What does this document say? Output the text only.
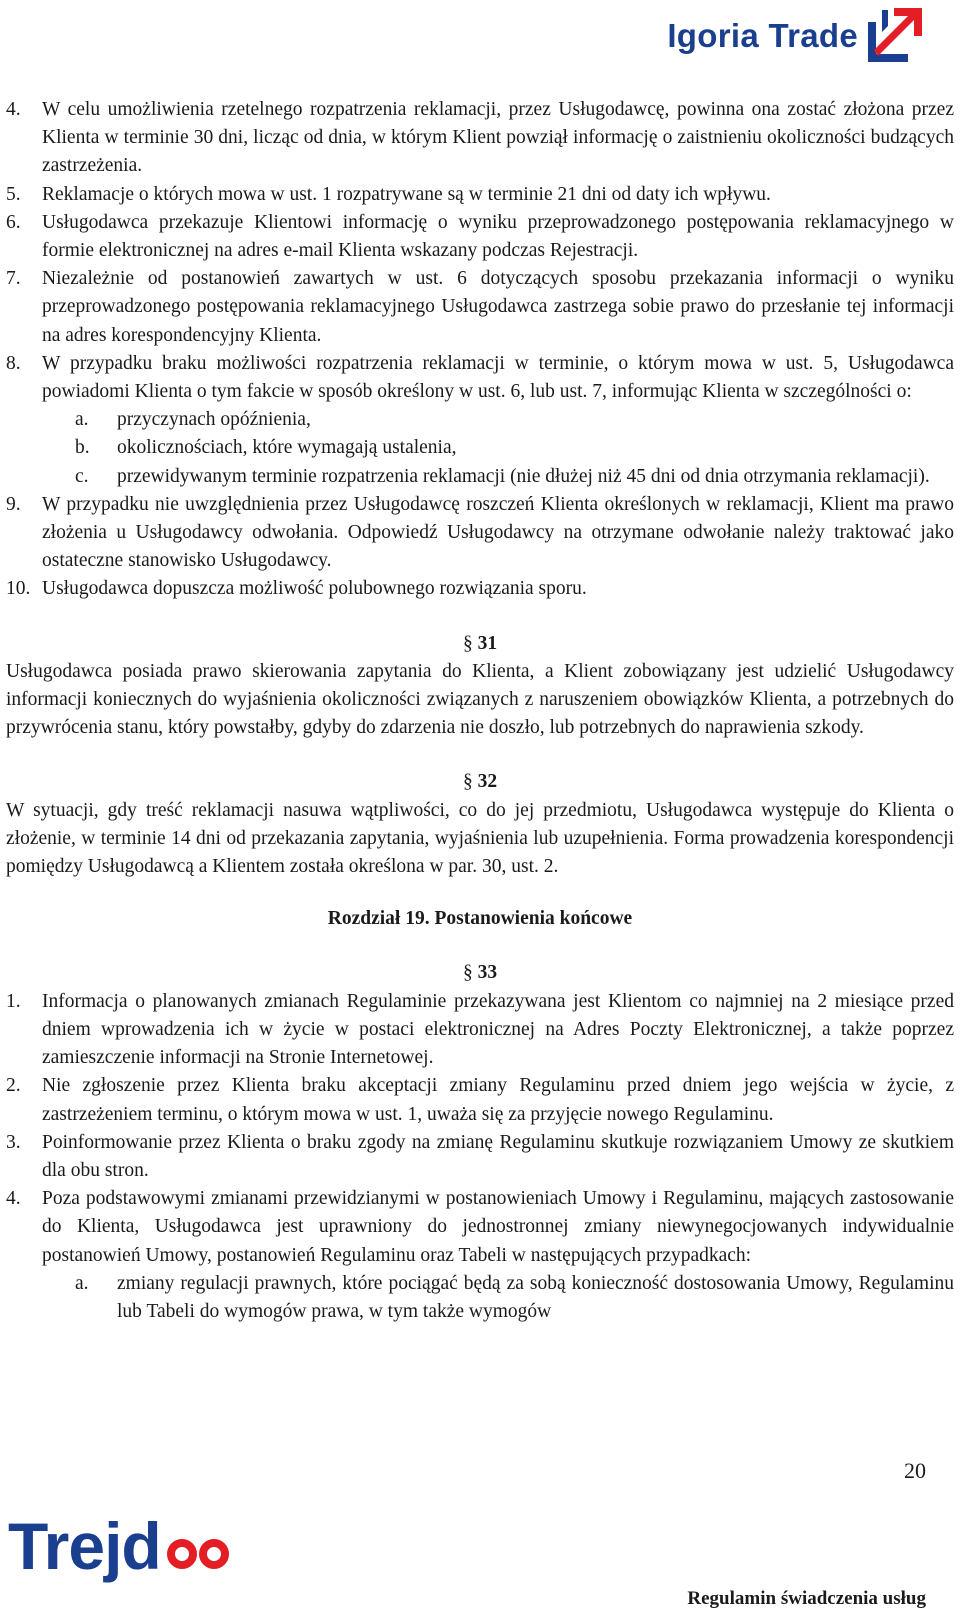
Igoria Trade
4.	W celu umożliwienia rzetelnego rozpatrzenia reklamacji, przez Usługodawcę, powinna ona zostać złożona przez Klienta w terminie 30 dni, licząc od dnia, w którym Klient powziął informację o zaistnieniu okoliczności budzących zastrzeżenia.
5.	Reklamacje o których mowa w ust. 1 rozpatrywane są w terminie 21 dni od daty ich wpływu.
6.	Usługodawca przekazuje Klientowi informację o wyniku przeprowadzonego postępowania reklamacyjnego w formie elektronicznej na adres e-mail Klienta wskazany podczas Rejestracji.
7.	Niezależnie od postanowień zawartych w ust. 6 dotyczących sposobu przekazania informacji o wyniku przeprowadzonego postępowania reklamacyjnego Usługodawca zastrzega sobie prawo do przesłanie tej informacji na adres korespondencyjny Klienta.
8.	W przypadku braku możliwości rozpatrzenia reklamacji w terminie, o którym mowa w ust. 5, Usługodawca powiadomi Klienta o tym fakcie w sposób określony w ust. 6, lub ust. 7, informując Klienta w szczególności o:
a.	przyczynach opóźnienia,
b.	okolicznościach, które wymagają ustalenia,
c.	przewidywanym terminie rozpatrzenia reklamacji (nie dłużej niż 45 dni od dnia otrzymania reklamacji).
9.	W przypadku nie uwzględnienia przez Usługodawcę roszczeń Klienta określonych w reklamacji, Klient ma prawo złożenia u Usługodawcy odwołania. Odpowiedź Usługodawcy na otrzymane odwołanie należy traktować jako ostateczne stanowisko Usługodawcy.
10. Usługodawca dopuszcza możliwość polubownego rozwiązania sporu.
§ 31
Usługodawca posiada prawo skierowania zapytania do Klienta, a Klient zobowiązany jest udzielić Usługodawcy informacji koniecznych do wyjaśnienia okoliczności związanych z naruszeniem obowiązków Klienta, a potrzebnych do przywrócenia stanu, który powstałby, gdyby do zdarzenia nie doszło, lub potrzebnych do naprawienia szkody.
§ 32
W sytuacji, gdy treść reklamacji nasuwa wątpliwości, co do jej przedmiotu, Usługodawca występuje do Klienta o złożenie, w terminie 14 dni od przekazania zapytania, wyjaśnienia lub uzupełnienia. Forma prowadzenia korespondencji pomiędzy Usługodawcą a Klientem została określona w par. 30, ust. 2.
Rozdział 19. Postanowienia końcowe
§ 33
1.	Informacja o planowanych zmianach Regulaminie przekazywana jest Klientom co najmniej na 2 miesiące przed dniem wprowadzenia ich w życie w postaci elektronicznej na Adres Poczty Elektronicznej, a także poprzez zamieszczenie informacji na Stronie Internetowej.
2.	Nie zgłoszenie przez Klienta braku akceptacji zmiany Regulaminu przed dniem jego wejścia w życie, z zastrzeżeniem terminu, o którym mowa w ust. 1, uważa się za przyjęcie nowego Regulaminu.
3.	Poinformowanie przez Klienta o braku zgody na zmianę Regulaminu skutkuje rozwiązaniem Umowy ze skutkiem dla obu stron.
4.	Poza podstawowymi zmianami przewidzianymi w postanowieniach Umowy i Regulaminu, mających zastosowanie do Klienta, Usługodawca jest uprawniony do jednostronnej zmiany niewynegocjowanych indywidualnie postanowień Umowy, postanowień Regulaminu oraz Tabeli w następujących przypadkach:
a.	zmiany regulacji prawnych, które pociągać będą za sobą konieczność dostosowania Umowy, Regulaminu lub Tabeli do wymogów prawa, w tym także wymogów
20
Trejd
Regulamin świadczenia usług
